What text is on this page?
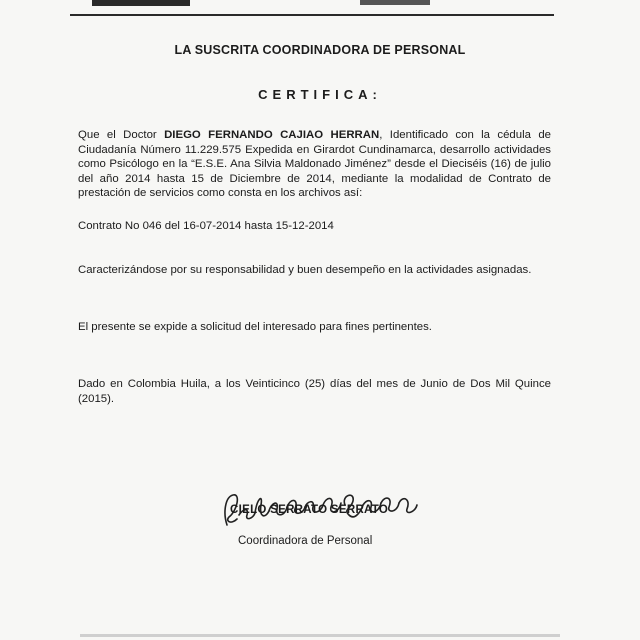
LA SUSCRITA COORDINADORA DE PERSONAL
CERTIFICA:
Que el Doctor DIEGO FERNANDO CAJIAO HERRAN, Identificado con la cédula de Ciudadanía Número 11.229.575 Expedida en Girardot Cundinamarca, desarrollo actividades como Psicólogo en la “E.S.E. Ana Silvia Maldonado Jiménez” desde el Dieciséis (16) de julio del año 2014 hasta 15 de Diciembre de 2014, mediante la modalidad de Contrato de prestación de servicios como consta en los archivos así:
Contrato No 046 del 16-07-2014 hasta 15-12-2014
Caracterizándose por su responsabilidad y buen desempeño en la actividades asignadas.
El presente se expide a solicitud del interesado para fines pertinentes.
Dado en Colombia Huila, a los Veinticinco (25) días del mes de Junio de Dos Mil Quince (2015).
CIELO SERRATO SERRATO
Coordinadora de Personal
